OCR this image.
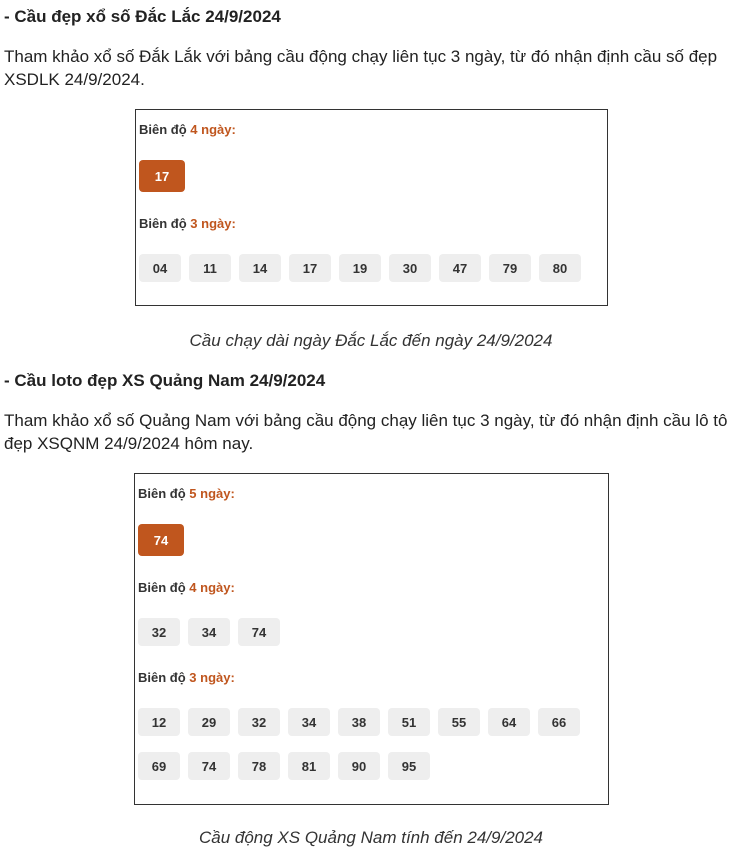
- Cầu đẹp xổ số Đắc Lắc 24/9/2024

Tham khảo xổ số Đắk Lắk với bảng cầu động chạy liên tục 3 ngày, từ đó nhận định cầu số đẹp XSDLK 24/9/2024.

Biên độ 4 ngày:
17
Biên độ 3 ngày:
04	11	14	17	19	30	47	79	80
Cầu chạy dài ngày Đắc Lắc đến ngày 24/9/2024
- Cầu loto đẹp XS Quảng Nam 24/9/2024

Tham khảo xổ số Quảng Nam với bảng cầu động chạy liên tục 3 ngày, từ đó nhận định cầu lô tô đẹp XSQNM 24/9/2024 hôm nay.

Biên độ 5 ngày:
74
Biên độ 4 ngày:
32	34	74
Biên độ 3 ngày:
12	29	32	34	38	51	55	64	66
69	74	78	81	90	95
Cầu động XS Quảng Nam tính đến 24/9/2024
